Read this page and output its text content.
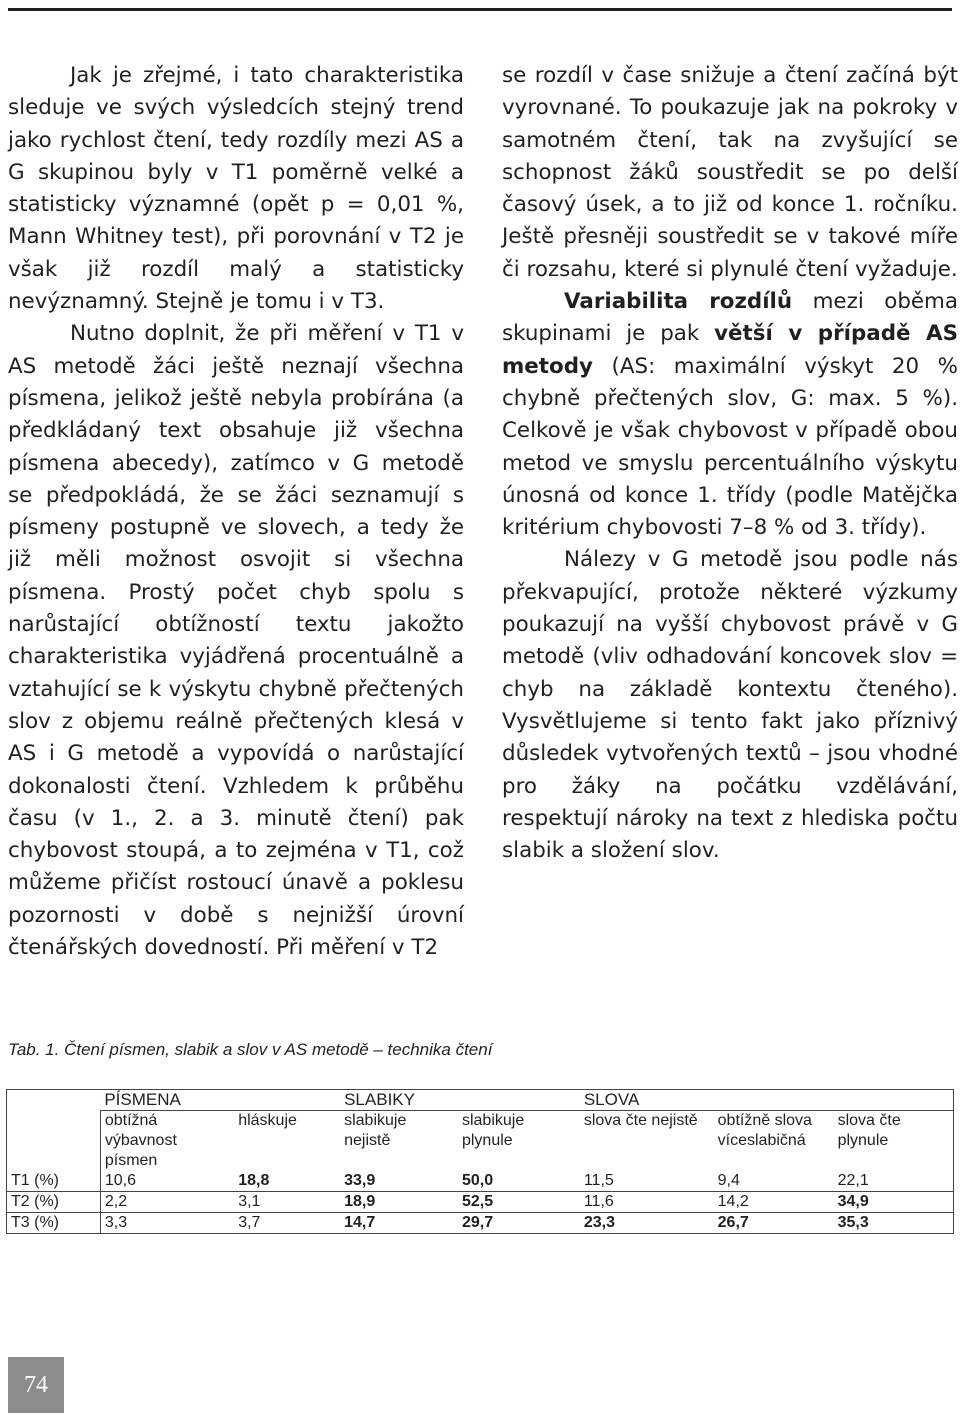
Jak je zřejmé, i tato charakteristika sleduje ve svých výsledcích stejný trend jako rychlost čtení, tedy rozdíly mezi AS a G skupinou byly v T1 poměrně velké a statisticky významné (opět p = 0,01 %, Mann Whitney test), při porovnání v T2 je však již rozdíl malý a statisticky nevýznamný. Stejně je tomu i v T3.

Nutno doplnit, že při měření v T1 v AS metodě žáci ještě neznají všechna písmena, jelikož ještě nebyla probírána (a předkládaný text obsahuje již všechna písmena abecedy), zatímco v G metodě se předpokládá, že se žáci seznamují s písmeny postupně ve slovech, a tedy že již měli možnost osvojit si všechna písmena. Prostý počet chyb spolu s narůstající obtížností textu jakožto charakteristika vyjádřená procentuálně a vztahující se k výskytu chybně přečtených slov z objemu reálně přečtených klesá v AS i G metodě a vypovídá o narůstající dokonalosti čtení. Vzhledem k průběhu času (v 1., 2. a 3. minutě čtení) pak chybovost stoupá, a to zejména v T1, což můžeme přičíst rostoucí únavě a poklesu pozornosti v době s nejnižší úrovní čtenářských dovedností. Při měření v T2

se rozdíl v čase snižuje a čtení začíná být vyrovnané. To poukazuje jak na pokroky v samotném čtení, tak na zvyšující se schopnost žáků soustředit se po delší časový úsek, a to již od konce 1. ročníku. Ještě přesněji soustředit se v takové míře či rozsahu, které si plynulé čtení vyžaduje.

Variabilita rozdílů mezi oběma skupinami je pak větší v případě AS metody (AS: maximální výskyt 20 % chybně přečtených slov, G: max. 5 %). Celkově je však chybovost v případě obou metod ve smyslu percentuálního výskytu únosná od konce 1. třídy (podle Matějčka kritérium chybovosti 7–8 % od 3. třídy).

Nálezy v G metodě jsou podle nás překvapující, protože některé výzkumy poukazují na vyšší chybovost právě v G metodě (vliv odhadování koncovek slov = chyb na základě kontextu čteného). Vysvětlujeme si tento fakt jako příznivý důsledek vytvořených textů – jsou vhodné pro žáky na počátku vzdělávání, respektují nároky na text z hlediska počtu slabik a složení slov.

Tab. 1. Čtení písmen, slabik a slov v AS metodě – technika čtení
	PÍSMENA		SLABIKY		SLOVA		
	obtížná výbavnost písmen	hláskuje	slabikuje nejistě	slabikuje plynule	slova čte nejistě	obtížně slova víceslabičná	slova čte plynule
T1 (%)	10,6	18,8	33,9	50,0	11,5	9,4	22,1
T2 (%)	2,2	3,1	18,9	52,5	11,6	14,2	34,9
T3 (%)	3,3	3,7	14,7	29,7	23,3	26,7	35,3
74
